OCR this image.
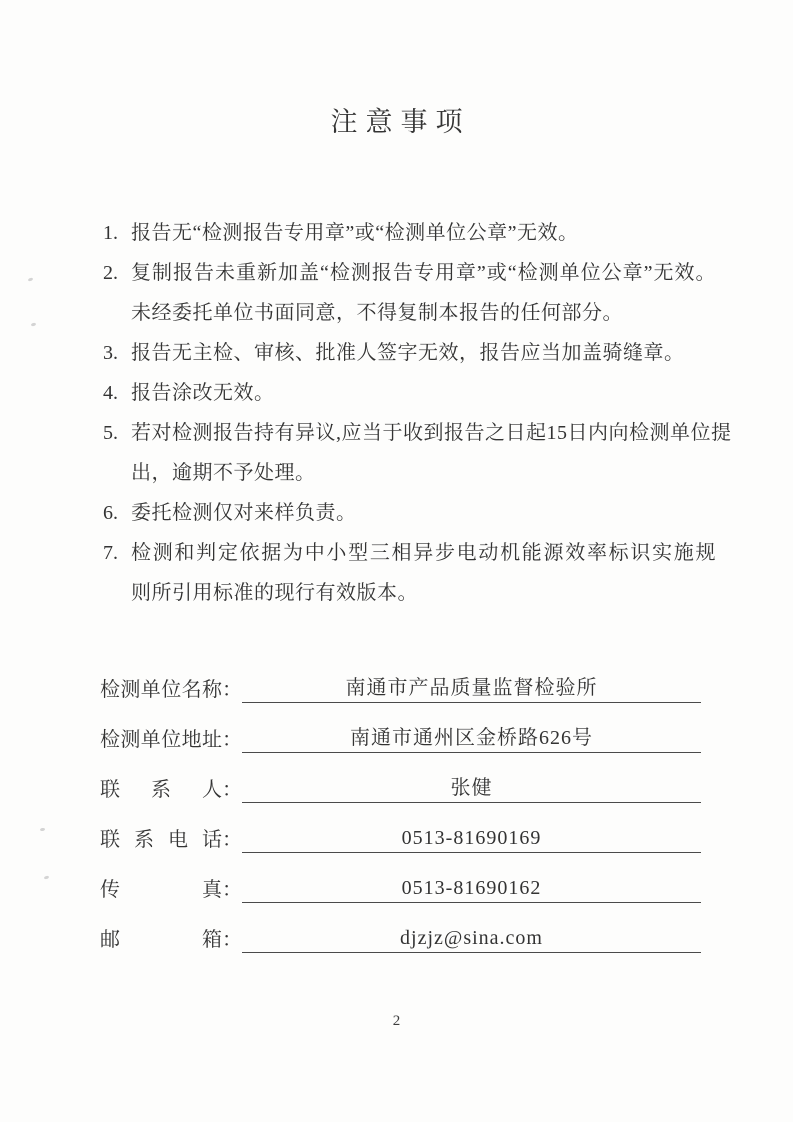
注意事项
1. 报告无“检测报告专用章”或“检测单位公章”无效。
2. 复制报告未重新加盖“检测报告专用章”或“检测单位公章”无效。
未经委托单位书面同意，不得复制本报告的任何部分。
3. 报告无主检、审核、批准人签字无效，报告应当加盖骑缝章。
4. 报告涂改无效。
5. 若对检测报告持有异议,应当于收到报告之日起15日内向检测单位提
出，逾期不予处理。
6. 委托检测仅对来样负责。
7. 检测和判定依据为中小型三相异步电动机能源效率标识实施规
则所引用标准的现行有效版本。
检测单位名称 ：	南通市产品质量监督检验所
检测单位地址 ：	南通市通州区金桥路626号
联系人 ：	张健
联系电话 ：	0513-81690169
传真 ：	0513-81690162
邮箱 ：	djzjz@sina.com
2
